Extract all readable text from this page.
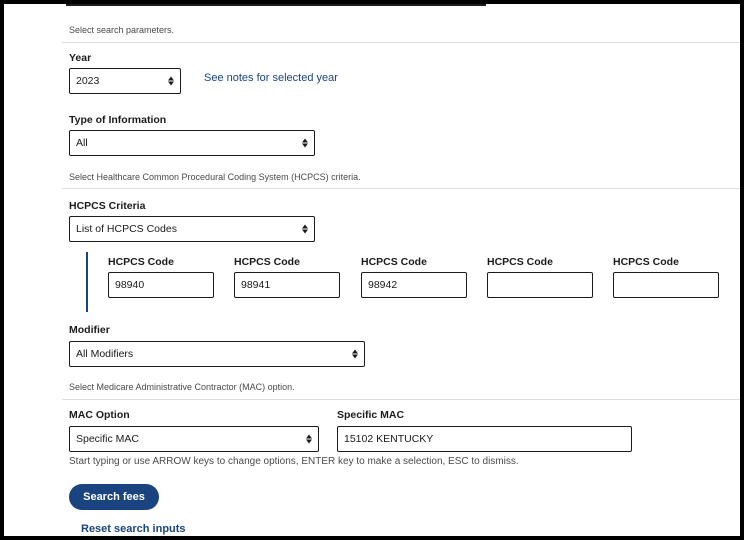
Select search parameters.
Year
2023	See notes for selected year
Type of Information
All
Select Healthcare Common Procedural Coding System (HCPCS) criteria.
HCPCS Criteria
List of HCPCS Codes
HCPCS Code
98940
HCPCS Code
98941
HCPCS Code
98942
HCPCS Code	HCPCS Code
Modifier
All Modifiers
Select Medicare Administrative Contractor (MAC) option.
MAC Option
Specific MAC
Specific MAC
15102 KENTUCKY
Start typing or use ARROW keys to change options, ENTER key to make a selection, ESC to dismiss.
Search fees
Reset search inputs
